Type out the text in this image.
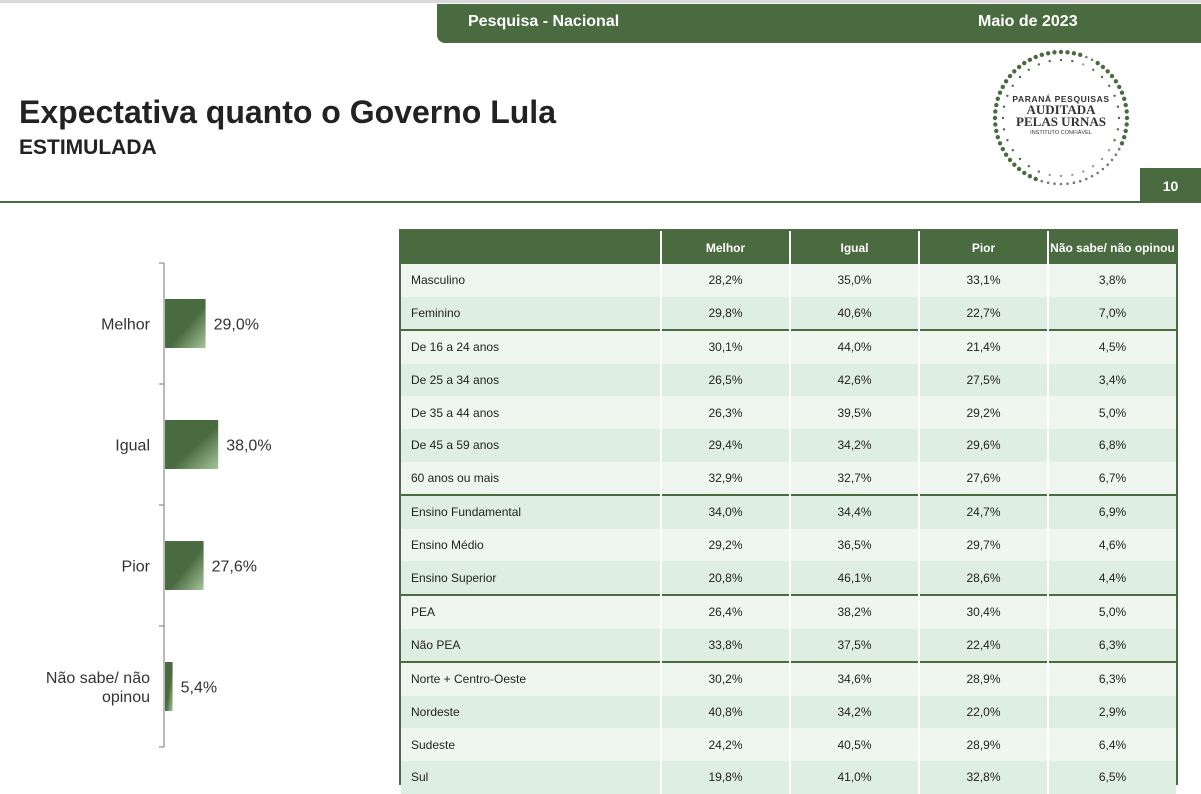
Pesquisa - Nacional	Maio de 2023
Expectativa quanto o Governo Lula
ESTIMULADA
PARANÁ PESQUISAS
AUDITADA
PELAS URNAS
INSTITUTO CONFIÁVEL
10
29,0%
Melhor
38,0%
Igual
27,6%
Pior
5,4%
Não sabe/ não
opinou
	Melhor	Igual	Pior	Não sabe/ não opinou
Masculino	28,2%	35,0%	33,1%	3,8%
Feminino	29,8%	40,6%	22,7%	7,0%
De 16 a 24 anos	30,1%	44,0%	21,4%	4,5%
De 25 a 34 anos	26,5%	42,6%	27,5%	3,4%
De 35 a 44 anos	26,3%	39,5%	29,2%	5,0%
De 45 a 59 anos	29,4%	34,2%	29,6%	6,8%
60 anos ou mais	32,9%	32,7%	27,6%	6,7%
Ensino Fundamental	34,0%	34,4%	24,7%	6,9%
Ensino Médio	29,2%	36,5%	29,7%	4,6%
Ensino Superior	20,8%	46,1%	28,6%	4,4%
PEA	26,4%	38,2%	30,4%	5,0%
Não PEA	33,8%	37,5%	22,4%	6,3%
Norte + Centro-Oeste	30,2%	34,6%	28,9%	6,3%
Nordeste	40,8%	34,2%	22,0%	2,9%
Sudeste	24,2%	40,5%	28,9%	6,4%
Sul	19,8%	41,0%	32,8%	6,5%
